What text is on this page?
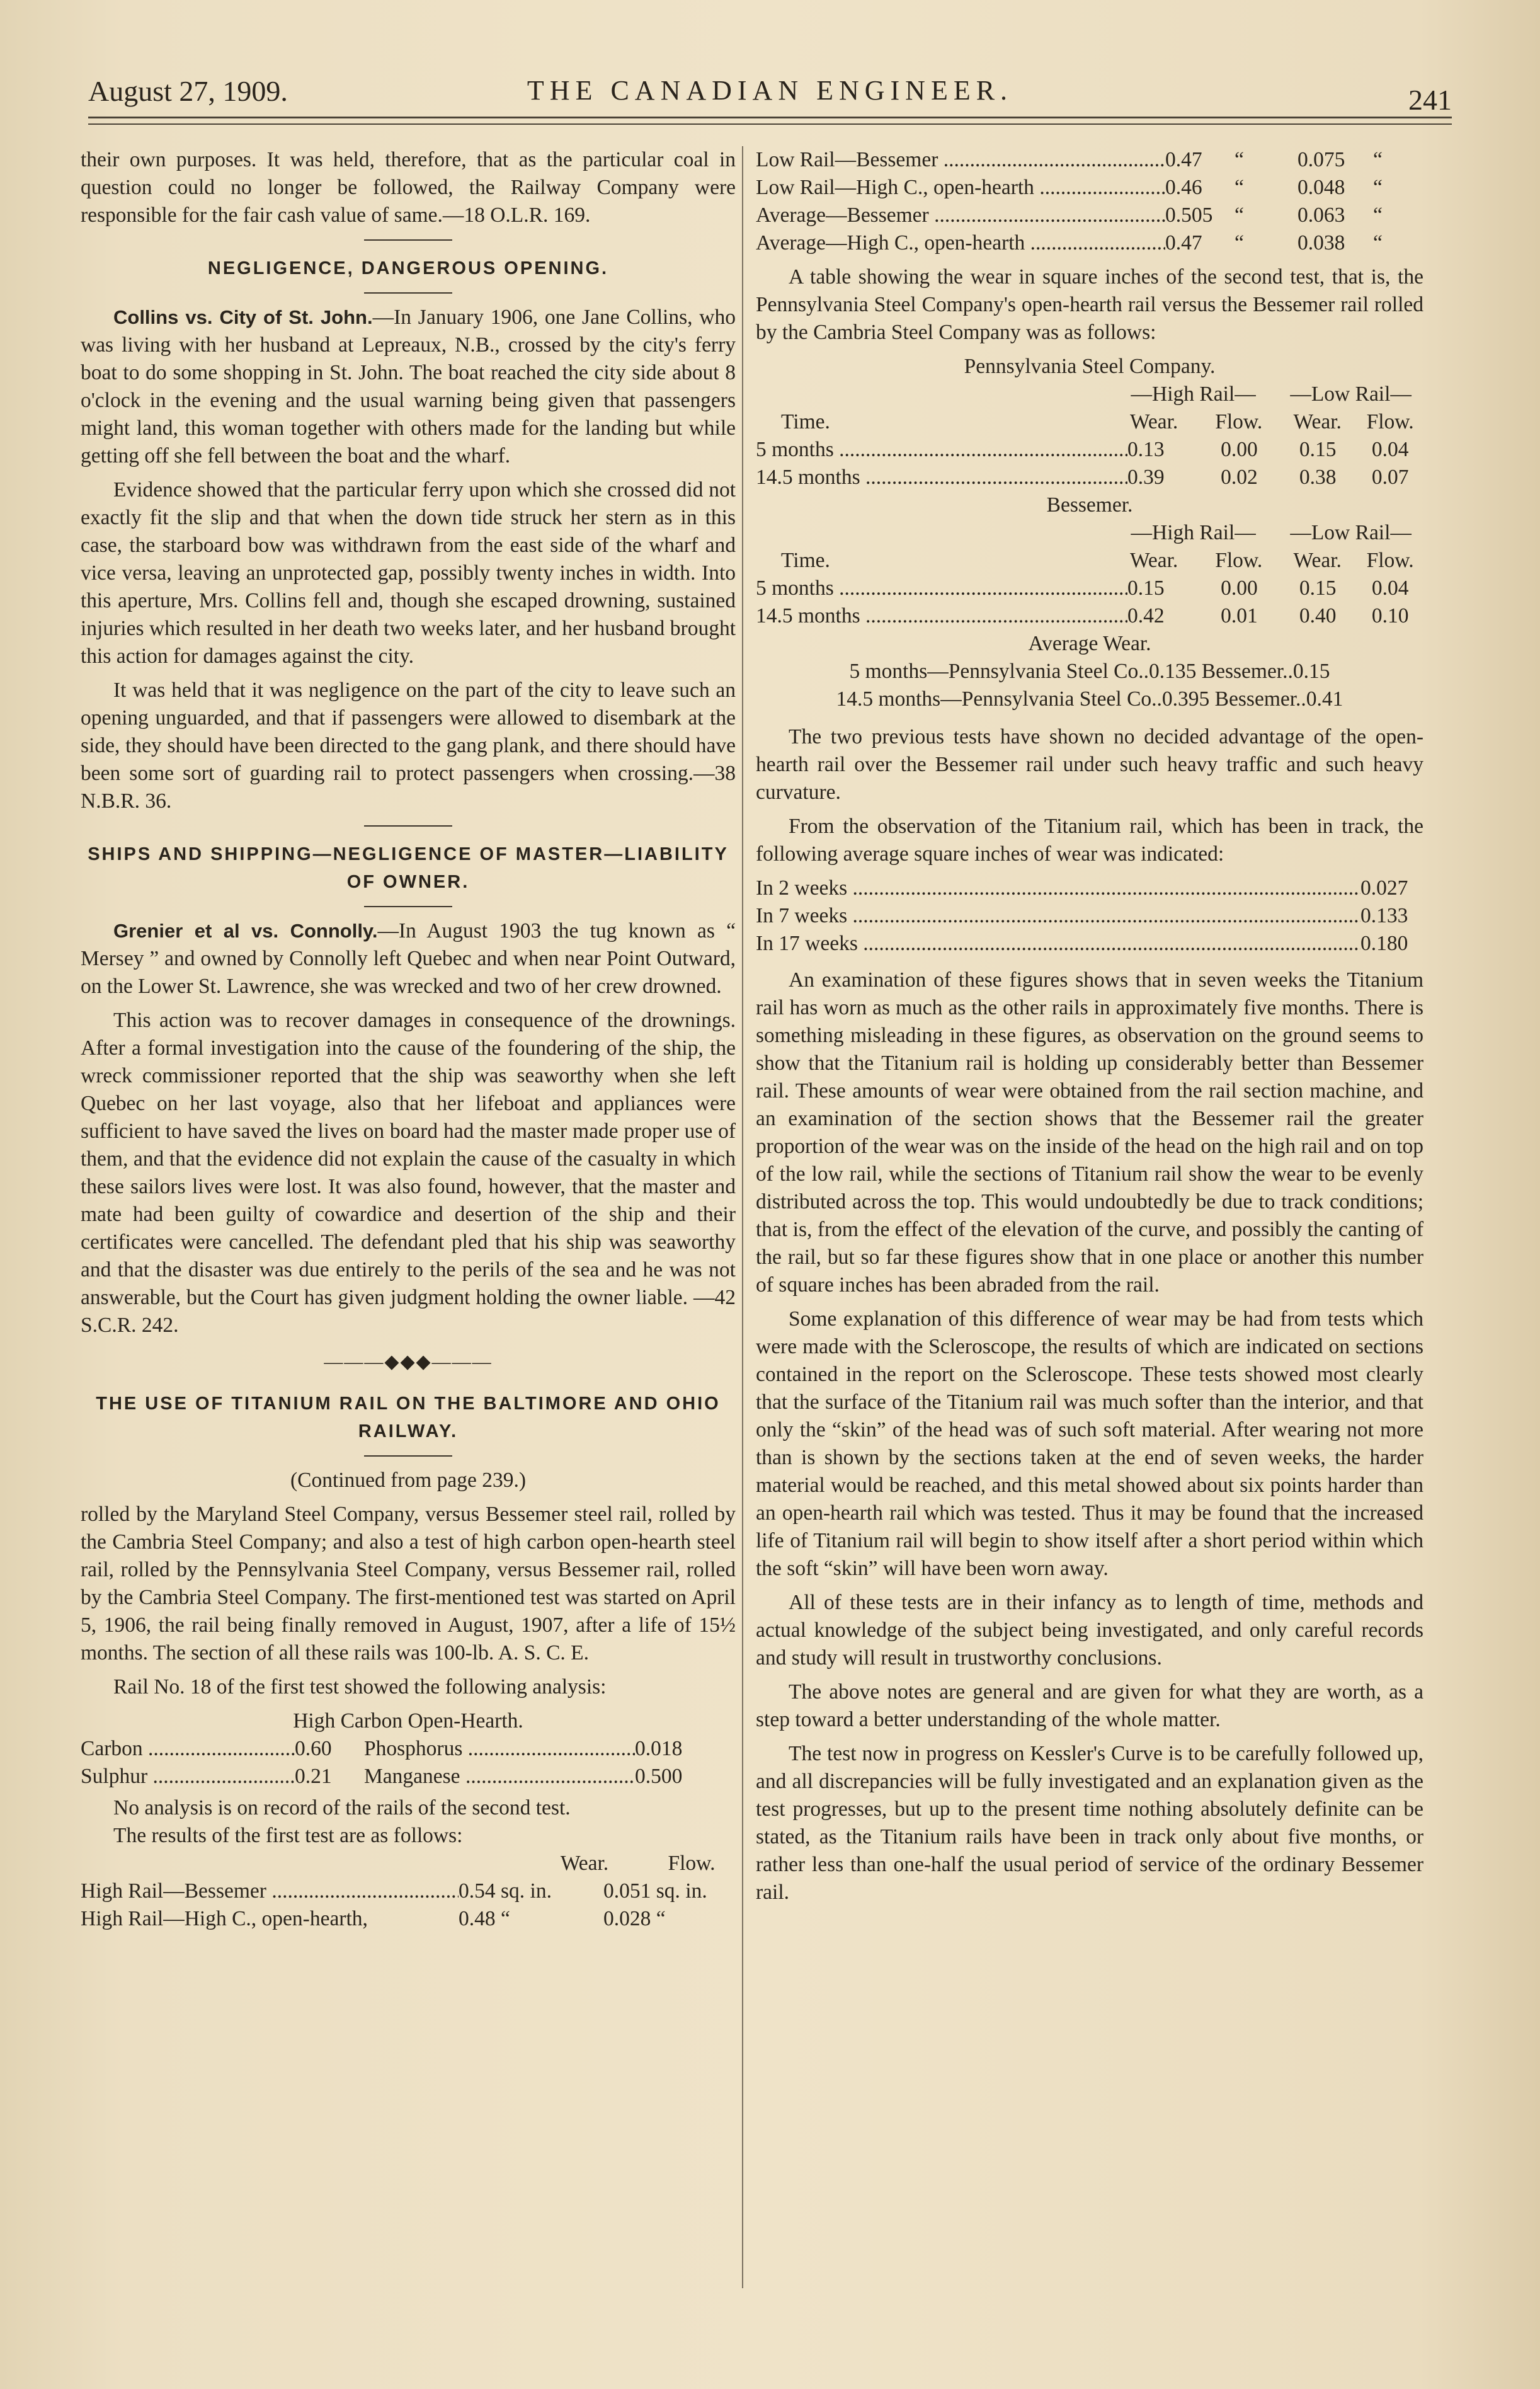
August 27, 1909.	THE CANADIAN ENGINEER.	241

their own purposes. It was held, therefore, that as the particular coal in question could no longer be followed, the Railway Company were responsible for the fair cash value of same.—18 O.L.R. 169.

NEGLIGENCE, DANGEROUS OPENING.

Collins vs. City of St. John.—In January 1906, one Jane Collins, who was living with her husband at Lepreaux, N.B., crossed by the city's ferry boat to do some shopping in St. John. The boat reached the city side about 8 o'clock in the evening and the usual warning being given that passengers might land, this woman together with others made for the landing but while getting off she fell between the boat and the wharf.

Evidence showed that the particular ferry upon which she crossed did not exactly fit the slip and that when the down tide struck her stern as in this case, the starboard bow was withdrawn from the east side of the wharf and vice versa, leaving an unprotected gap, possibly twenty inches in width. Into this aperture, Mrs. Collins fell and, though she escaped drowning, sustained injuries which resulted in her death two weeks later, and her husband brought this action for damages against the city.

It was held that it was negligence on the part of the city to leave such an opening unguarded, and that if passengers were allowed to disembark at the side, they should have been directed to the gang plank, and there should have been some sort of guarding rail to protect passengers when crossing.—38 N.B.R. 36.

SHIPS AND SHIPPING—NEGLIGENCE OF MASTER—LIABILITY OF OWNER.

Grenier et al vs. Connolly.—In August 1903 the tug known as “ Mersey ” and owned by Connolly left Quebec and when near Point Outward, on the Lower St. Lawrence, she was wrecked and two of her crew drowned.

This action was to recover damages in consequence of the drownings. After a formal investigation into the cause of the foundering of the ship, the wreck commissioner reported that the ship was seaworthy when she left Quebec on her last voyage, also that her lifeboat and appliances were sufficient to have saved the lives on board had the master made proper use of them, and that the evidence did not explain the cause of the casualty in which these sailors lives were lost. It was also found, however, that the master and mate had been guilty of cowardice and desertion of the ship and their certificates were cancelled. The defendant pled that his ship was seaworthy and that the disaster was due entirely to the perils of the sea and he was not answerable, but the Court has given judgment holding the owner liable. —42 S.C.R. 242.

———◆◆◆———
THE USE OF TITANIUM RAIL ON THE BALTIMORE AND OHIO RAILWAY.

(Continued from page 239.)

rolled by the Maryland Steel Company, versus Bessemer steel rail, rolled by the Cambria Steel Company; and also a test of high carbon open-hearth steel rail, rolled by the Pennsylvania Steel Company, versus Bessemer rail, rolled by the Cambria Steel Company. The first-mentioned test was started on April 5, 1906, the rail being finally removed in August, 1907, after a life of 15½ months. The section of all these rails was 100-lb. A. S. C. E.

Rail No. 18 of the first test showed the following analysis:

High Carbon Open-Hearth.

Carbon .....	0.60	Phosphorus .....	0.018
Sulphur .....	0.21	Manganese .....	0.500

No analysis is on record of the rails of the second test.

The results of the first test are as follows:

Wear.	Flow.
High Rail—Bessemer .....	0.54 sq. in.	0.051 sq. in.
High Rail—High C., open-hearth,	0.48 “	0.028 “
Low Rail—Bessemer .....	0.47	“	0.075	“
Low Rail—High C., open-hearth .....	0.46	“	0.048	“
Average—Bessemer .....	0.505	“	0.063	“
Average—High C., open-hearth .....	0.47	“	0.038	“

A table showing the wear in square inches of the second test, that is, the Pennsylvania Steel Company's open-hearth rail versus the Bessemer rail rolled by the Cambria Steel Company was as follows:

Pennsylvania Steel Company.

—High Rail—	—Low Rail—
Time.	Wear.	Flow.	Wear.	Flow.
5 months .....	0.13	0.00	0.15	0.04
14.5 months .....	0.39	0.02	0.38	0.07

Bessemer.

—High Rail—	—Low Rail—
Time.	Wear.	Flow.	Wear.	Flow.
5 months .....	0.15	0.00	0.15	0.04
14.5 months .....	0.42	0.01	0.40	0.10

Average Wear.

5 months—Pennsylvania Steel Co..0.135 Bessemer..0.15

14.5 months—Pennsylvania Steel Co..0.395 Bessemer..0.41

The two previous tests have shown no decided advantage of the open-hearth rail over the Bessemer rail under such heavy traffic and such heavy curvature.

From the observation of the Titanium rail, which has been in track, the following average square inches of wear was indicated:

In 2 weeks .....	0.027
In 7 weeks .....	0.133
In 17 weeks .....	0.180

An examination of these figures shows that in seven weeks the Titanium rail has worn as much as the other rails in approximately five months. There is something misleading in these figures, as observation on the ground seems to show that the Titanium rail is holding up considerably better than Bessemer rail. These amounts of wear were obtained from the rail section machine, and an examination of the section shows that the Bessemer rail the greater proportion of the wear was on the inside of the head on the high rail and on top of the low rail, while the sections of Titanium rail show the wear to be evenly distributed across the top. This would undoubtedly be due to track conditions; that is, from the effect of the elevation of the curve, and possibly the canting of the rail, but so far these figures show that in one place or another this number of square inches has been abraded from the rail.

Some explanation of this difference of wear may be had from tests which were made with the Scleroscope, the results of which are indicated on sections contained in the report on the Scleroscope. These tests showed most clearly that the surface of the Titanium rail was much softer than the interior, and that only the “skin” of the head was of such soft material. After wearing not more than is shown by the sections taken at the end of seven weeks, the harder material would be reached, and this metal showed about six points harder than an open-hearth rail which was tested. Thus it may be found that the increased life of Titanium rail will begin to show itself after a short period within which the soft “skin” will have been worn away.

All of these tests are in their infancy as to length of time, methods and actual knowledge of the subject being investigated, and only careful records and study will result in trustworthy conclusions.

The above notes are general and are given for what they are worth, as a step toward a better understanding of the whole matter.

The test now in progress on Kessler's Curve is to be carefully followed up, and all discrepancies will be fully investigated and an explanation given as the test progresses, but up to the present time nothing absolutely definite can be stated, as the Titanium rails have been in track only about five months, or rather less than one-half the usual period of service of the ordinary Bessemer rail.
